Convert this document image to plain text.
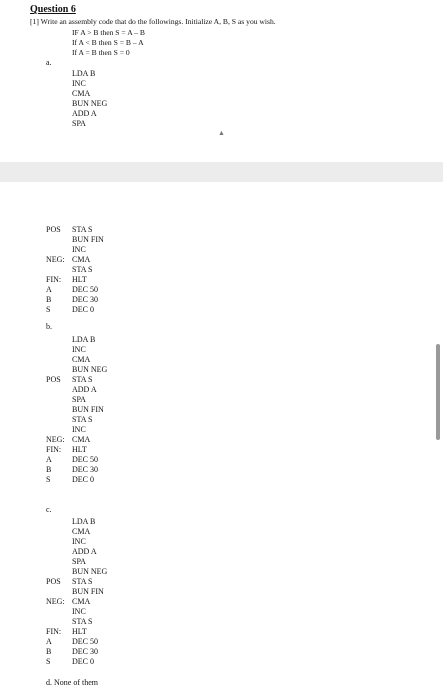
Question 6
[1] Write an assembly code that do the followings. Initialize A, B, S as you wish.
IF A > B then S = A – B
If A < B then S = B – A
If A = B then S = 0
a.
LDA B
INC
CMA
BUN NEG
ADD A
SPA
▲
POS STA S
BUN FIN
INC
NEG: CMA
STA S
FIN: HLT
A	DEC 50
B	DEC 30
S	DEC 0
b.
LDA B
INC
CMA
BUN NEG
POS STA S
ADD A
SPA
BUN FIN
STA S
INC
NEG: CMA
FIN: HLT
A	DEC 50
B	DEC 30
S	DEC 0
c.
LDA B
CMA
INC
ADD A
SPA
BUN NEG
POS STA S
BUN FIN
NEG: CMA
INC
STA S
FIN: HLT
A	DEC 50
B	DEC 30
S	DEC 0
d. None of them
